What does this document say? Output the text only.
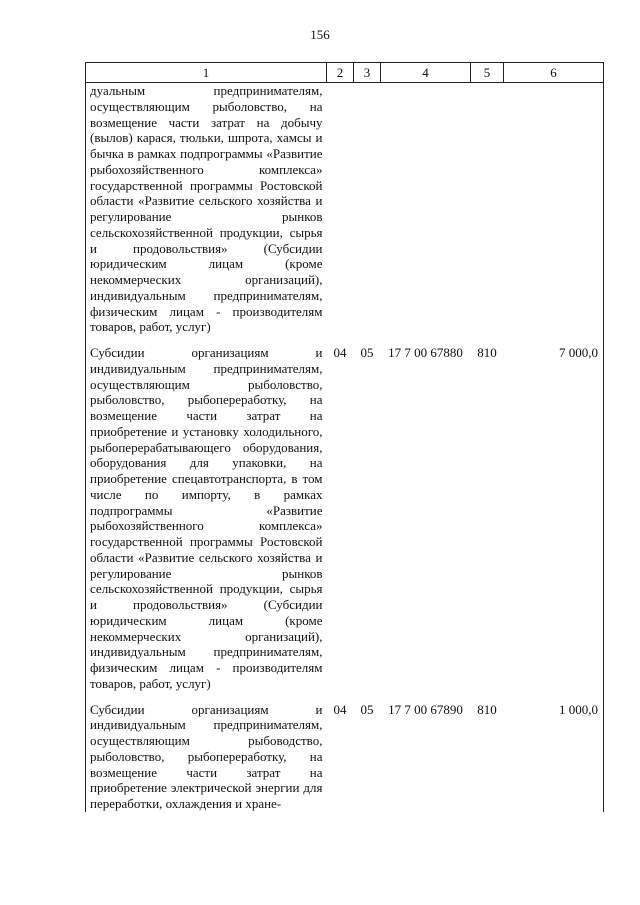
156
1	2	3	4	5	6
дуальным предпринимателям, осуществляющим рыболовство, на возмещение части затрат на добычу (вылов) карася, тюльки, шпрота, хамсы и бычка в рамках подпрограммы «Развитие рыбохозяйственного комплекса» государственной программы Ростовской области «Развитие сельского хозяйства и регулирование рынков сельскохозяйственной продукции, сырья и продовольствия» (Субсидии юридическим лицам (кроме некоммерческих организаций), индивидуальным предпринимателям, физическим лицам - производителям товаров, работ, услуг)					
Субсидии организациям и индивидуальным предпринимателям, осуществляющим рыболовство, рыболовство, рыбопереработку, на возмещение части затрат на приобретение и установку холодильного, рыбоперерабатывающего оборудования, оборудования для упаковки, на приобретение спецавтотранспорта, в том числе по импорту, в рамках подпрограммы «Развитие рыбохозяйственного комплекса» государственной программы Ростовской области «Развитие сельского хозяйства и регулирование рынков сельскохозяйственной продукции, сырья и продовольствия» (Субсидии юридическим лицам (кроме некоммерческих организаций), индивидуальным предпринимателям, физическим лицам - производителям товаров, работ, услуг)	04	05	17 7 00 67880	810	7 000,0
Субсидии организациям и индивидуальным предпринимателям, осуществляющим рыбоводство, рыболовство, рыбопереработку, на возмещение части затрат на приобретение электрической энергии для переработки, охлаждения и хране-	04	05	17 7 00 67890	810	1 000,0
